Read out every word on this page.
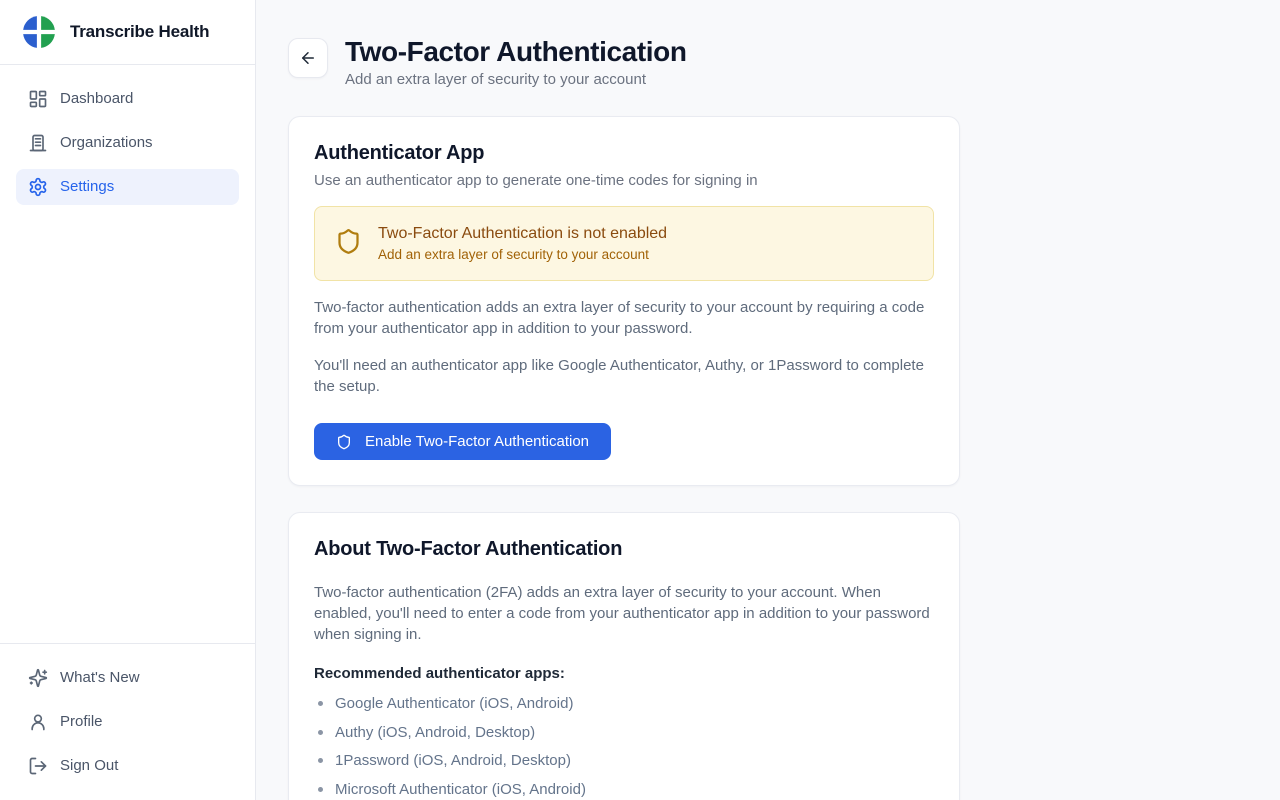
Transcribe Health
Dashboard
Organizations
Settings
What's New
Profile
Sign Out
Two-Factor Authentication
Add an extra layer of security to your account
Authenticator App
Use an authenticator app to generate one-time codes for signing in
Two-Factor Authentication is not enabled
Add an extra layer of security to your account

Two-factor authentication adds an extra layer of security to your account by requiring a code from your authenticator app in addition to your password.

You'll need an authenticator app like Google Authenticator, Authy, or 1Password to complete the setup.

Enable Two-Factor Authentication
About Two-Factor Authentication

Two-factor authentication (2FA) adds an extra layer of security to your account. When enabled, you'll need to enter a code from your authenticator app in addition to your password when signing in.

Recommended authenticator apps:
Google Authenticator (iOS, Android)
Authy (iOS, Android, Desktop)
1Password (iOS, Android, Desktop)
Microsoft Authenticator (iOS, Android)
